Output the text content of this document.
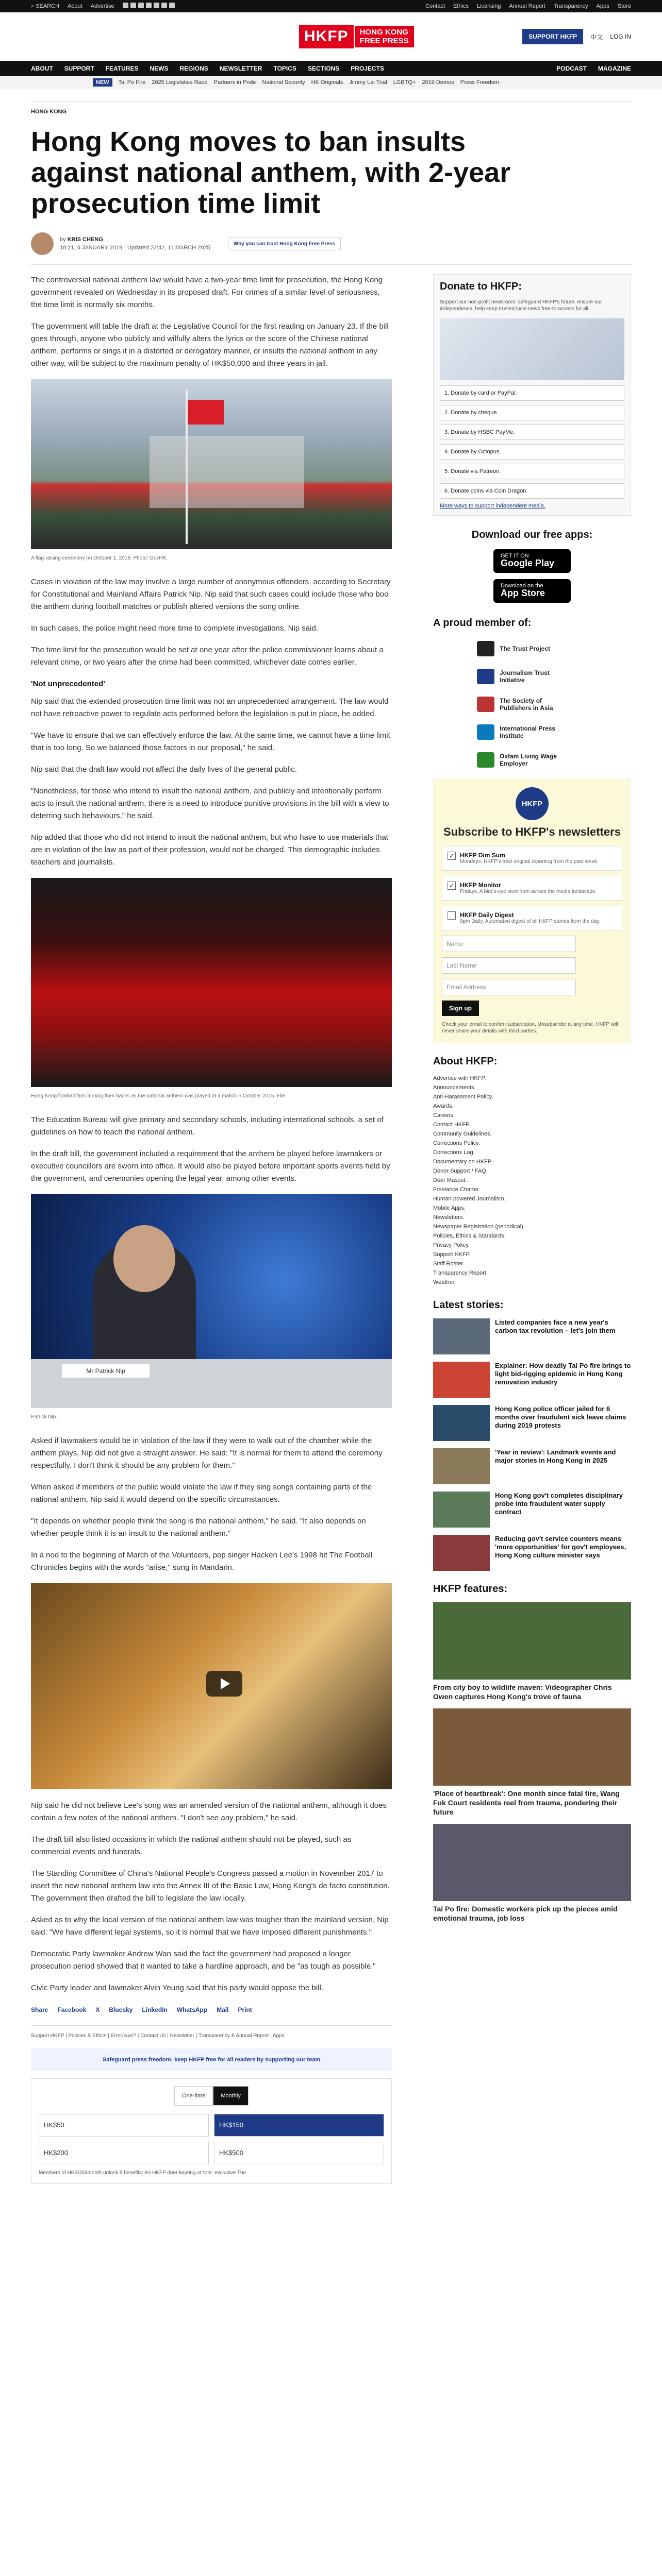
⌕ SEARCH About Advertise	Contact Ethics Licensing Annual Report Transparency Apps Store
HKFP	HONG KONG
FREE PRESS	SUPPORT HKFP	中文 LOG IN
ABOUT SUPPORT FEATURES NEWS REGIONS NEWSLETTER TOPICS SECTIONS PROJECTS	PODCAST MAGAZINE
NEW	Tai Po Fire 2025 Legislative Race Partners in Pride National Security HK Originals Jimmy Lai Trial LGBTQ+ 2019 Demos Press Freedom
HONG KONG
Hong Kong moves to ban insults against national anthem, with 2-year prosecution time limit
by KRIS CHENG
18:21, 4 JANUARY 2019 · Updated 22:42, 11 MARCH 2025
Why you can trust Hong Kong Free Press

The controversial national anthem law would have a two-year time limit for prosecution, the Hong Kong government revealed on Wednesday in its proposed draft. For crimes of a similar level of seriousness, the time limit is normally six months.

The government will table the draft at the Legislative Council for the first reading on January 23. If the bill goes through, anyone who publicly and wilfully alters the lyrics or the score of the Chinese national anthem, performs or sings it in a distorted or derogatory manner, or insults the national anthem in any other way, will be subject to the maximum penalty of HK$50,000 and three years in jail.

A flag-raising ceremony on October 1, 2018. Photo: GovHK.

Cases in violation of the law may involve a large number of anonymous offenders, according to Secretary for Constitutional and Mainland Affairs Patrick Nip. Nip said that such cases could include those who boo the anthem during football matches or publish altered versions the song online.

In such cases, the police might need more time to complete investigations, Nip said.

The time limit for the prosecution would be set at one year after the police commissioner learns about a relevant crime, or two years after the crime had been committed, whichever date comes earlier.

'Not unprecedented'

Nip said that the extended prosecution time limit was not an unprecedented arrangement. The law would not have retroactive power to regulate acts performed before the legislation is put in place, he added.

"We have to ensure that we can effectively enforce the law. At the same time, we cannot have a time limit that is too long. So we balanced those factors in our proposal," he said.

Nip said that the draft law would not affect the daily lives of the general public.

"Nonetheless, for those who intend to insult the national anthem, and publicly and intentionally perform acts to insult the national anthem, there is a need to introduce punitive provisions in the bill with a view to deterring such behaviours," he said.

Nip added that those who did not intend to insult the national anthem, but who have to use materials that are in violation of the law as part of their profession, would not be charged. This demographic includes teachers and journalists.

Hong Kong football fans turning their backs as the national anthem was played at a match in October 2015. File

The Education Bureau will give primary and secondary schools, including international schools, a set of guidelines on how to teach the national anthem.

In the draft bill, the government included a requirement that the anthem be played before lawmakers or executive councillors are sworn into office. It would also be played before important sports events held by the government, and ceremonies opening the legal year, among other events.

Mr Patrick Nip
Patrick Nip.

Asked if lawmakers would be in violation of the law if they were to walk out of the chamber while the anthem plays, Nip did not give a straight answer. He said: "It is normal for them to attend the ceremony respectfully. I don't think it should be any problem for them."

When asked if members of the public would violate the law if they sing songs containing parts of the national anthem, Nip said it would depend on the specific circumstances.

"It depends on whether people think the song is the national anthem," he said. "It also depends on whether people think it is an insult to the national anthem."

In a nod to the beginning of March of the Volunteers, pop singer Hacken Lee's 1998 hit The Football Chronicles begins with the words "arise," sung in Mandarin.

Nip said he did not believe Lee's song was an amended version of the national anthem, although it does contain a few notes of the national anthem. "I don't see any problem," he said.

The draft bill also listed occasions in which the national anthem should not be played, such as commercial events and funerals.

The Standing Committee of China's National People's Congress passed a motion in November 2017 to insert the new national anthem law into the Annex III of the Basic Law, Hong Kong's de facto constitution. The government then drafted the bill to legislate the law locally.

Asked as to why the local version of the national anthem law was tougher than the mainland version, Nip said: "We have different legal systems, so it is normal that we have imposed different punishments."

Democratic Party lawmaker Andrew Wan said the fact the government had proposed a longer prosecution period showed that it wanted to take a hardline approach, and be "as tough as possible."

Civic Party leader and lawmaker Alvin Yeung said that his party would oppose the bill.

Share Facebook X Bluesky LinkedIn WhatsApp Mail Print
Support HKFP | Policies & Ethics | Error/typo? | Contact Us | Newsletter | Transparency & Annual Report | Apps
Safeguard press freedom; keep HKFP free for all readers by supporting our team
One-time	Monthly
HK$50	HK$150
HK$200	HK$500
Members of HK$150/month unlock 8 benefits: An HKFP deer keyring or tote; exclusive Tho
Donate to HKFP:
Support our non-profit newsroom: safeguard HKFP's future, ensure our independence, help keep trusted local news free-to-access for all.
1. Donate by card or PayPal.
2. Donate by cheque.
3. Donate by HSBC PayMe.
4. Donate by Octopus.
5. Donate via Patreon.
6. Donate coins via Coin Dragon.
More ways to support independent media.
Download our free apps:
GET IT ON
Google Play
Download on the
App Store
A proud member of:
The Trust Project
Journalism Trust Initiative
The Society of Publishers in Asia
International Press Institute
Oxfam Living Wage Employer
HKFP
Subscribe to HKFP's newsletters
✓ HKFP Dim Sum
Mondays. HKFP's best original reporting from the past week.
✓ HKFP Monitor
Fridays. A bird's-eye view from across the media landscape.
HKFP Daily Digest
9pm Daily. Automated digest of all HKFP stories from the day.
Name
Last Name
Email Address
Sign up
Check your email to confirm subscription. Unsubscribe at any time. HKFP will never share your details with third parties.
About HKFP:
Advertise with HKFP.
Announcements.
Anti-Harassment Policy.
Awards.
Careers.
Contact HKFP.
Community Guidelines.
Corrections Policy.
Corrections Log.
Documentary on HKFP.
Donor Support / FAQ.
Deer Mascot.
Freelance Charter.
Human-powered Journalism.
Mobile Apps.
Newsletters.
Newspaper Registration (periodical).
Policies, Ethics & Standards.
Privacy Policy.
Support HKFP.
Staff Roster.
Transparency Report.
Weather.
Latest stories:
Listed companies face a new year's carbon tax revolution – let's join them
Explainer: How deadly Tai Po fire brings to light bid-rigging epidemic in Hong Kong renovation industry
Hong Kong police officer jailed for 6 months over fraudulent sick leave claims during 2019 protests
'Year in review': Landmark events and major stories in Hong Kong in 2025
Hong Kong gov't completes disciplinary probe into fraudulent water supply contract
Reducing gov't service counters means 'more opportunities' for gov't employees, Hong Kong culture minister says
HKFP features:
From city boy to wildlife maven: Videographer Chris Owen captures Hong Kong's trove of fauna
'Place of heartbreak': One month since fatal fire, Wang Fuk Court residents reel from trauma, pondering their future
Tai Po fire: Domestic workers pick up the pieces amid emotional trauma, job loss
